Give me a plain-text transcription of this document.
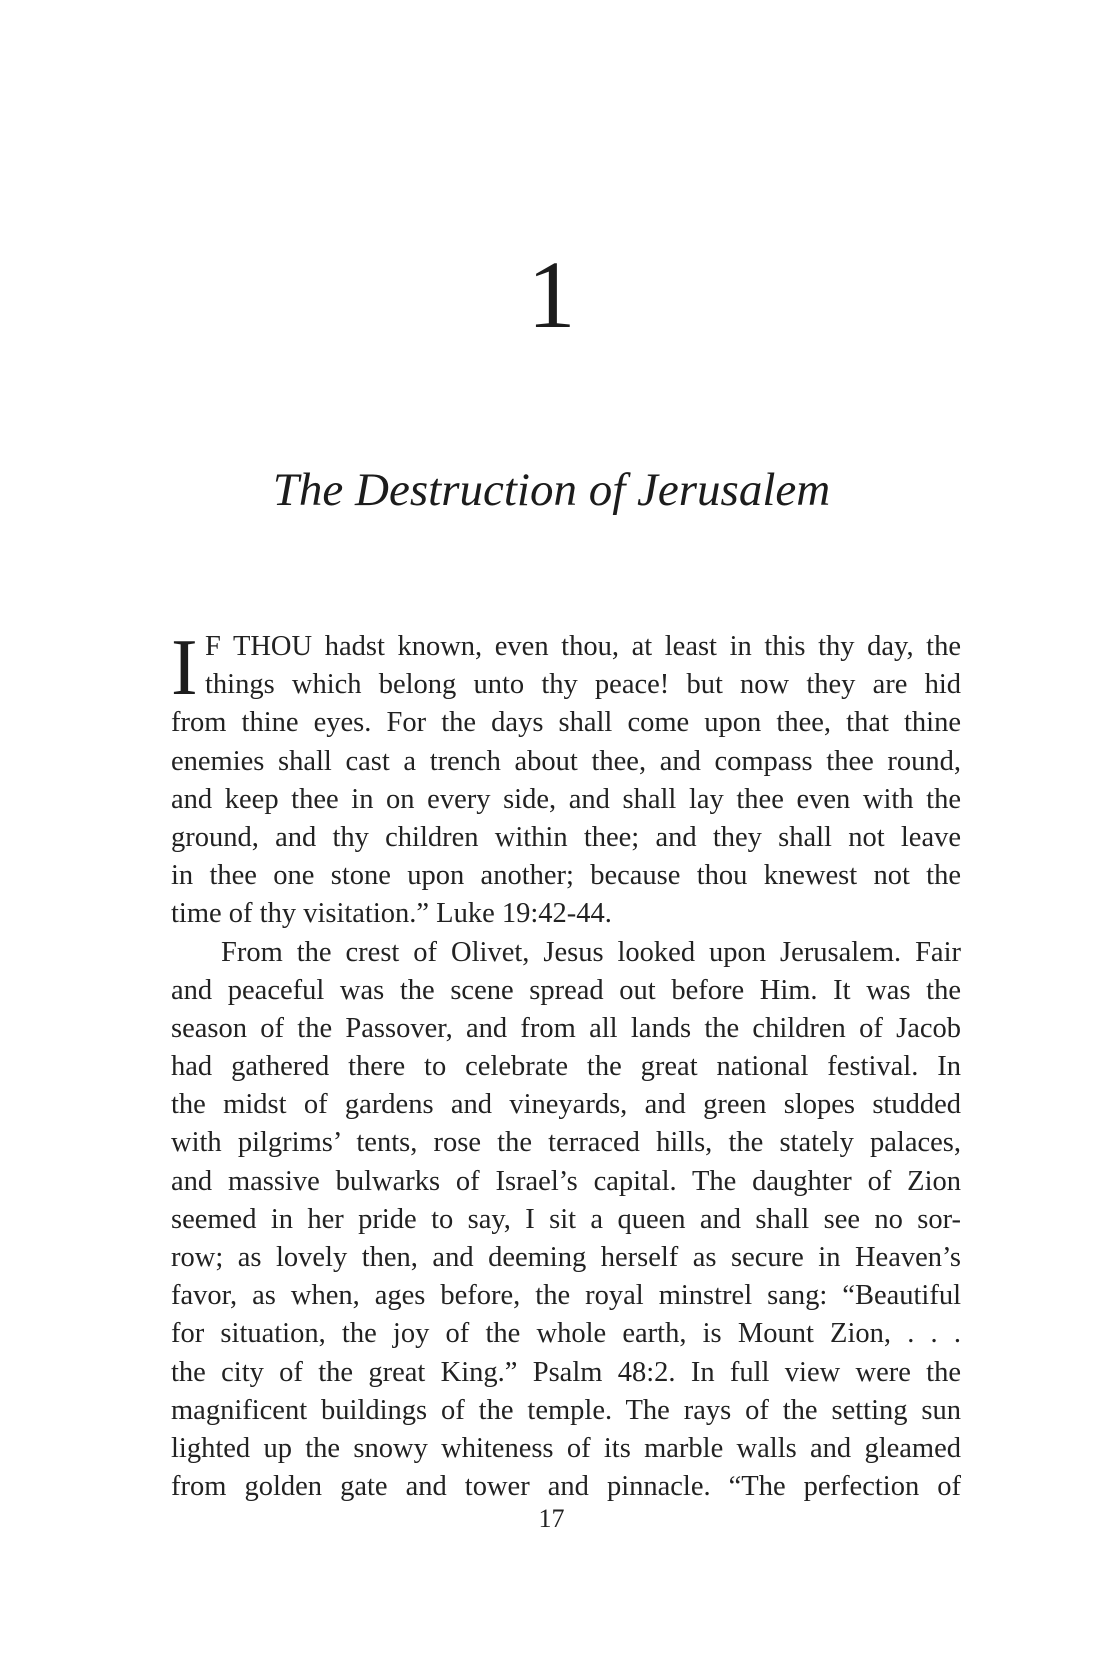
1
The Destruction of Jerusalem
I F THOU hadst known, even thou, at least in this thy day, the
things which belong unto thy peace! but now they are hid
from thine eyes. For the days shall come upon thee, that thine
enemies shall cast a trench about thee, and compass thee round,
and keep thee in on every side, and shall lay thee even with the
ground, and thy children within thee; and they shall not leave
in thee one stone upon another; because thou knewest not the
time of thy visitation.” Luke 19:42-44.
From the crest of Olivet, Jesus looked upon Jerusalem. Fair
and peaceful was the scene spread out before Him. It was the
season of the Passover, and from all lands the children of Jacob
had gathered there to celebrate the great national festival. In
the midst of gardens and vineyards, and green slopes studded
with pilgrims’ tents, rose the terraced hills, the stately palaces,
and massive bulwarks of Israel’s capital. The daughter of Zion
seemed in her pride to say, I sit a queen and shall see no sor-
row; as lovely then, and deeming herself as secure in Heaven’s
favor, as when, ages before, the royal minstrel sang: “Beautiful
for situation, the joy of the whole earth, is Mount Zion, . . .
the city of the great King.” Psalm 48:2. In full view were the
magnificent buildings of the temple. The rays of the setting sun
lighted up the snowy whiteness of its marble walls and gleamed
from golden gate and tower and pinnacle. “The perfection of
17
